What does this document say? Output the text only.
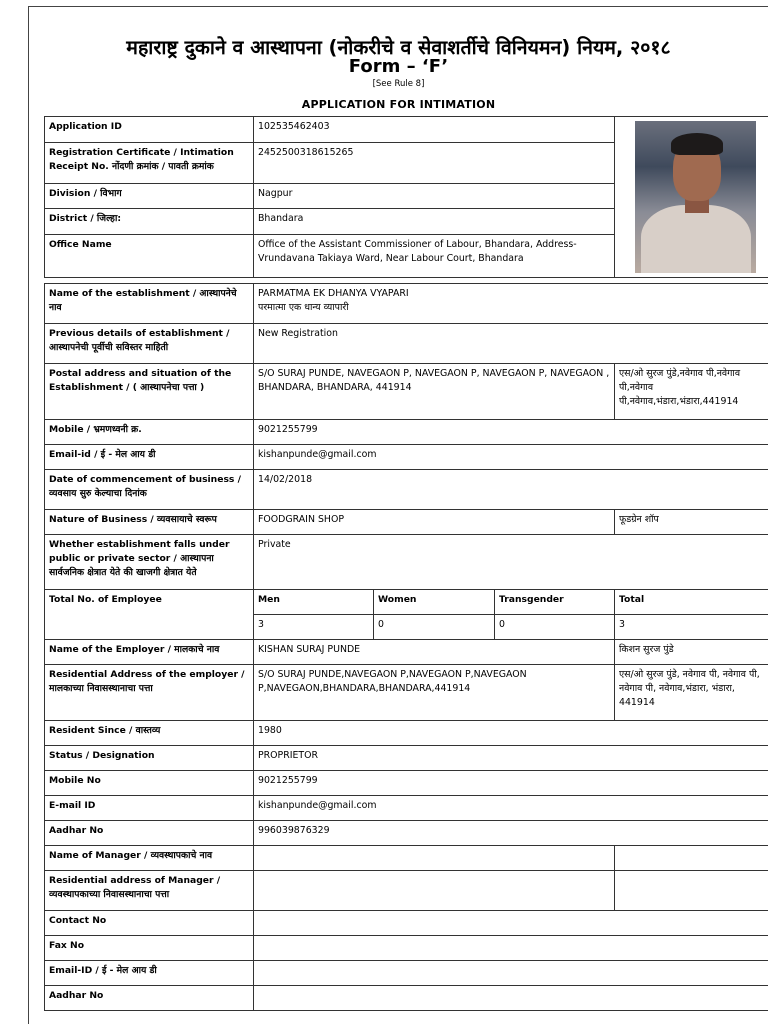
महाराष्ट्र दुकाने व आस्थापना (नोकरीचे व सेवाशर्तीचे विनियमन) नियम, २०१८
Form – ‘F’
[See Rule 8]
APPLICATION FOR INTIMATION
Application ID	102535462403			

Registration Certificate / Intimation Receipt No. नोंदणी क्रमांक / पावती क्रमांक	2452500318615265			
Division / विभाग	Nagpur			
District / जिल्हा:	Bhandara			
Office Name	Office of the Assistant Commissioner of Labour, Bhandara, Address- Vrundavana Takiaya Ward, Near Labour Court, Bhandara			

Name of the establishment / आस्थापनेचे नाव	PARMATMA EK DHANYA VYAPARI
परमात्मा एक धान्य व्यापारी			
Previous details of establishment / आस्थापनेची पूर्वीची सविस्तर माहिती	New Registration			
Postal address and situation of the Establishment / ( आस्थापनेचा पत्ता )	S/O SURAJ PUNDE, NAVEGAON P, NAVEGAON P, NAVEGAON P, NAVEGAON , BHANDARA, BHANDARA, 441914			एस/ओ सुरज पुंडे,नवेगाव पी,नवेगाव पी,नवेगाव पी,नवेगाव,भंडारा,भंडारा,441914
Mobile / भ्रमणध्वनी क्र.	9021255799			
Email-id / ई - मेल आय डी	kishanpunde@gmail.com			
Date of commencement of business / व्यवसाय सुरु केल्याचा दिनांक	14/02/2018			
Nature of Business / व्यवसायाचे स्वरूप	FOODGRAIN SHOP			फूडग्रेन शॉप
Whether establishment falls under public or private sector / आस्थापना सार्वजनिक क्षेत्रात येते की खाजगी क्षेत्रात येते	Private			
Total No. of Employee	Men	Women	Transgender	Total
	3	0	0	3
Name of the Employer / मालकाचे नाव	KISHAN SURAJ PUNDE			किशन सुरज पुंडे
Residential Address of the employer / मालकाच्या निवासस्थानाचा पत्ता	S/O SURAJ PUNDE,NAVEGAON P,NAVEGAON P,NAVEGAON P,NAVEGAON,BHANDARA,BHANDARA,441914			एस/ओ सुरज पुंडे, नवेगाव पी, नवेगाव पी, नवेगाव पी, नवेगाव,भंडारा, भंडारा, 441914
Resident Since / वास्तव्य	1980			
Status / Designation	PROPRIETOR			
Mobile No	9021255799			
E-mail ID	kishanpunde@gmail.com			
Aadhar No	996039876329			
Name of Manager / व्यवस्थापकाचे नाव				
Residential address of Manager / व्यवस्थापकाच्या निवासस्थानाचा पत्ता				
Contact No				
Fax No				
Email-ID / ई - मेल आय डी				
Aadhar No				
